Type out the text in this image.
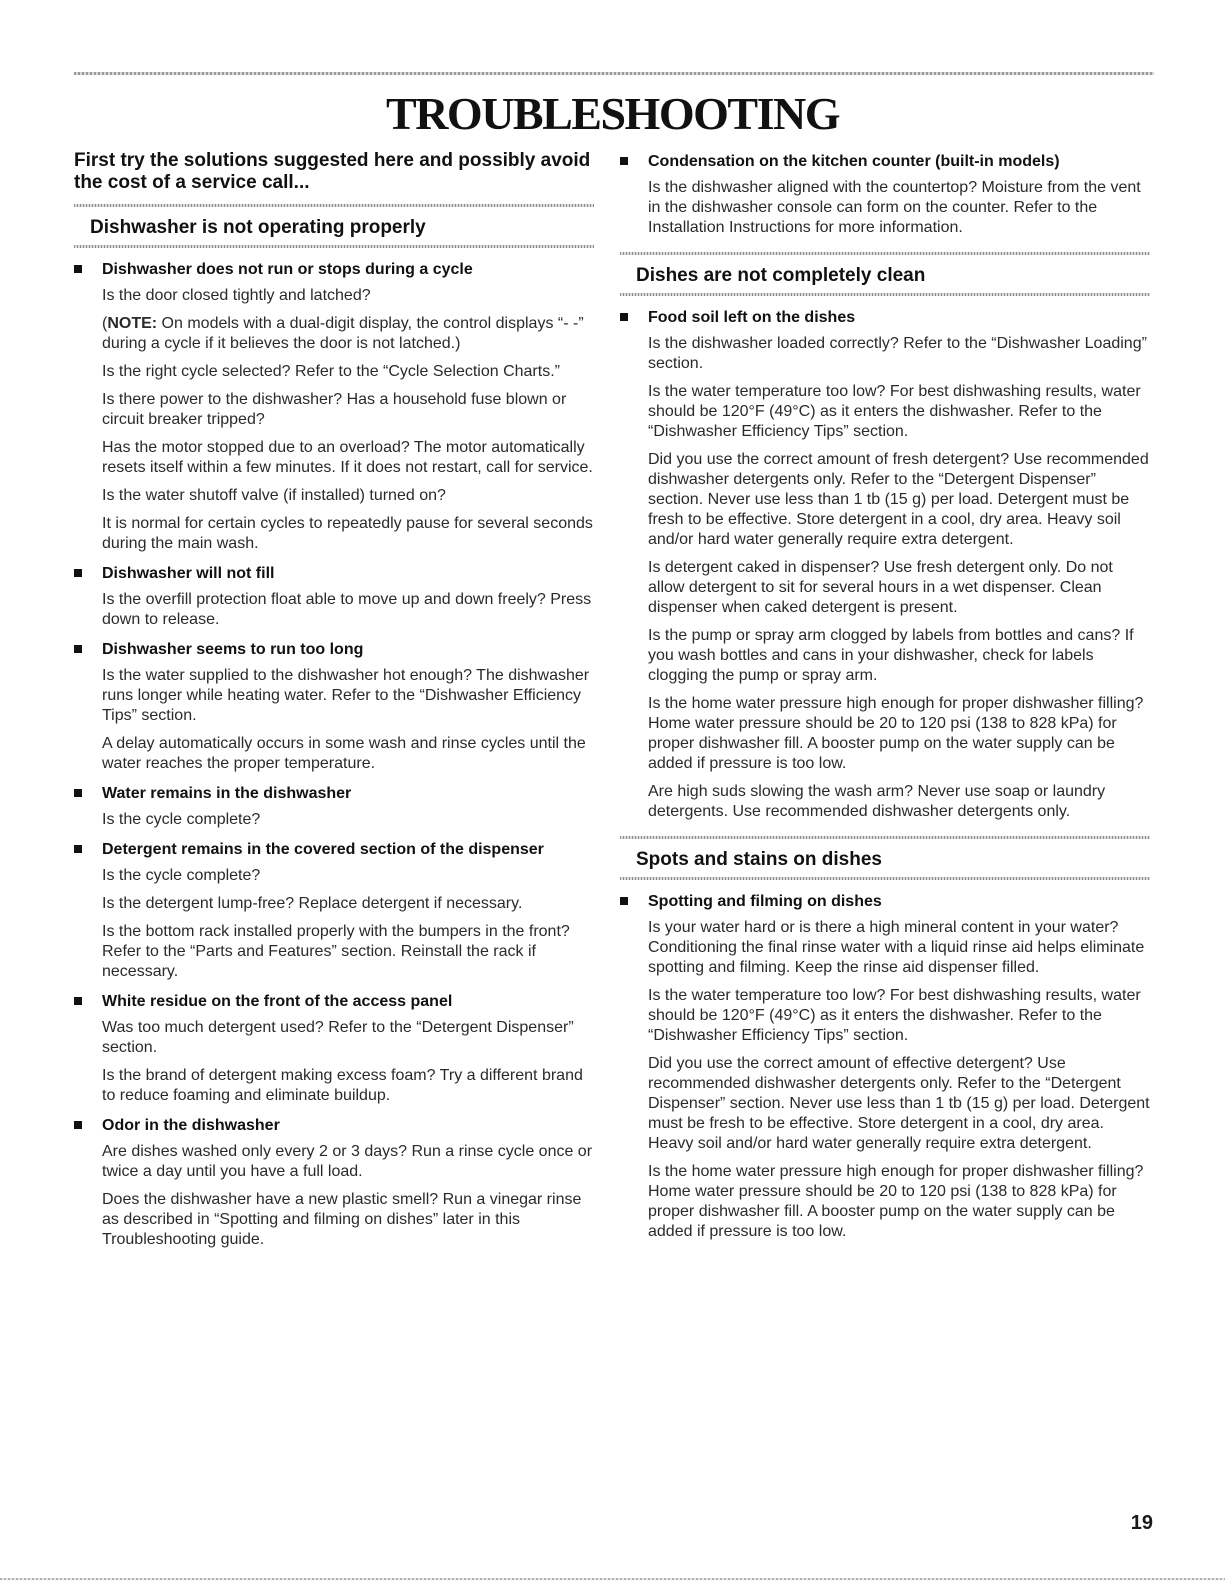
TROUBLESHOOTING

First try the solutions suggested here and possibly avoid the cost of a service call...

Dishwasher is not operating properly

Dishwasher does not run or stops during a cycle

Is the door closed tightly and latched?

(NOTE: On models with a dual-digit display, the control displays “- -” during a cycle if it believes the door is not latched.)

Is the right cycle selected? Refer to the “Cycle Selection Charts.”

Is there power to the dishwasher? Has a household fuse blown or circuit breaker tripped?

Has the motor stopped due to an overload? The motor automatically resets itself within a few minutes. If it does not restart, call for service.

Is the water shutoff valve (if installed) turned on?

It is normal for certain cycles to repeatedly pause for several seconds during the main wash.

Dishwasher will not fill

Is the overfill protection float able to move up and down freely? Press down to release.

Dishwasher seems to run too long

Is the water supplied to the dishwasher hot enough? The dishwasher runs longer while heating water. Refer to the “Dishwasher Efficiency Tips” section.

A delay automatically occurs in some wash and rinse cycles until the water reaches the proper temperature.

Water remains in the dishwasher

Is the cycle complete?

Detergent remains in the covered section of the dispenser

Is the cycle complete?

Is the detergent lump-free? Replace detergent if necessary.

Is the bottom rack installed properly with the bumpers in the front? Refer to the “Parts and Features” section. Reinstall the rack if necessary.

White residue on the front of the access panel

Was too much detergent used? Refer to the “Detergent Dispenser” section.

Is the brand of detergent making excess foam? Try a different brand to reduce foaming and eliminate buildup.

Odor in the dishwasher

Are dishes washed only every 2 or 3 days? Run a rinse cycle once or twice a day until you have a full load.

Does the dishwasher have a new plastic smell? Run a vinegar rinse as described in “Spotting and filming on dishes” later in this Troubleshooting guide.

Condensation on the kitchen counter (built-in models)

Is the dishwasher aligned with the countertop? Moisture from the vent in the dishwasher console can form on the counter. Refer to the Installation Instructions for more information.

Dishes are not completely clean

Food soil left on the dishes

Is the dishwasher loaded correctly? Refer to the “Dishwasher Loading” section.

Is the water temperature too low? For best dishwashing results, water should be 120°F (49°C) as it enters the dishwasher. Refer to the “Dishwasher Efficiency Tips” section.

Did you use the correct amount of fresh detergent? Use recommended dishwasher detergents only. Refer to the “Detergent Dispenser” section. Never use less than 1 tb (15 g) per load. Detergent must be fresh to be effective. Store detergent in a cool, dry area. Heavy soil and/or hard water generally require extra detergent.

Is detergent caked in dispenser? Use fresh detergent only. Do not allow detergent to sit for several hours in a wet dispenser. Clean dispenser when caked detergent is present.

Is the pump or spray arm clogged by labels from bottles and cans? If you wash bottles and cans in your dishwasher, check for labels clogging the pump or spray arm.

Is the home water pressure high enough for proper dishwasher filling? Home water pressure should be 20 to 120 psi (138 to 828 kPa) for proper dishwasher fill. A booster pump on the water supply can be added if pressure is too low.

Are high suds slowing the wash arm? Never use soap or laundry detergents. Use recommended dishwasher detergents only.

Spots and stains on dishes

Spotting and filming on dishes

Is your water hard or is there a high mineral content in your water? Conditioning the final rinse water with a liquid rinse aid helps eliminate spotting and filming. Keep the rinse aid dispenser filled.

Is the water temperature too low? For best dishwashing results, water should be 120°F (49°C) as it enters the dishwasher. Refer to the “Dishwasher Efficiency Tips” section.

Did you use the correct amount of effective detergent? Use recommended dishwasher detergents only. Refer to the “Detergent Dispenser” section. Never use less than 1 tb (15 g) per load. Detergent must be fresh to be effective. Store detergent in a cool, dry area. Heavy soil and/or hard water generally require extra detergent.

Is the home water pressure high enough for proper dishwasher filling? Home water pressure should be 20 to 120 psi (138 to 828 kPa) for proper dishwasher fill. A booster pump on the water supply can be added if pressure is too low.

19
